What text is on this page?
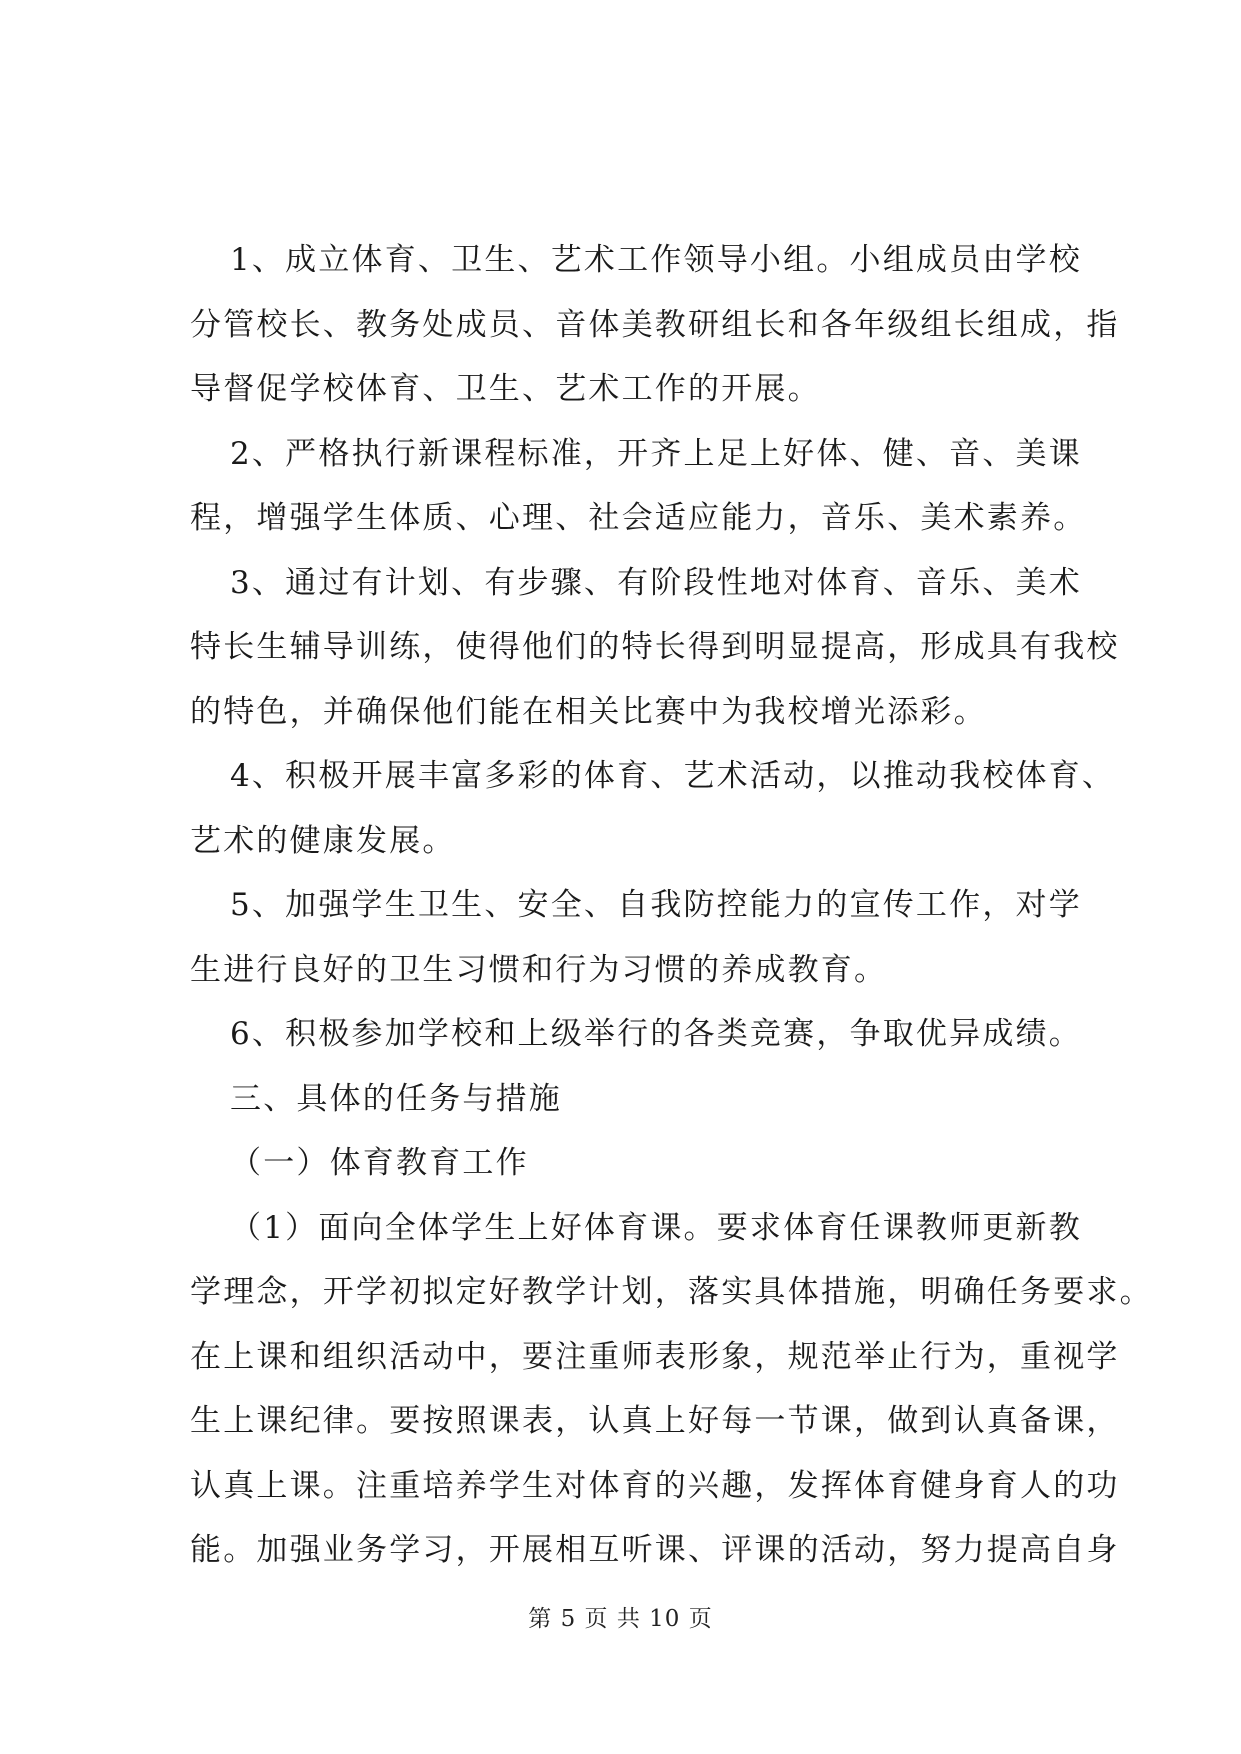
1、成立体育、卫生、艺术工作领导小组。小组成员由学校
分管校长、教务处成员、音体美教研组长和各年级组长组成，指
导督促学校体育、卫生、艺术工作的开展。
2、严格执行新课程标准，开齐上足上好体、健、音、美课
程，增强学生体质、心理、社会适应能力，音乐、美术素养。
3、通过有计划、有步骤、有阶段性地对体育、音乐、美术
特长生辅导训练，使得他们的特长得到明显提高，形成具有我校
的特色，并确保他们能在相关比赛中为我校增光添彩。
4、积极开展丰富多彩的体育、艺术活动，以推动我校体育、
艺术的健康发展。
5、加强学生卫生、安全、自我防控能力的宣传工作，对学
生进行良好的卫生习惯和行为习惯的养成教育。
6、积极参加学校和上级举行的各类竞赛，争取优异成绩。
三、具体的任务与措施
（一）体育教育工作
（1）面向全体学生上好体育课。要求体育任课教师更新教
学理念，开学初拟定好教学计划，落实具体措施，明确任务要求。
在上课和组织活动中，要注重师表形象，规范举止行为，重视学
生上课纪律。要按照课表，认真上好每一节课，做到认真备课，
认真上课。注重培养学生对体育的兴趣，发挥体育健身育人的功
能。加强业务学习，开展相互听课、评课的活动，努力提高自身
第 5 页 共 10 页
